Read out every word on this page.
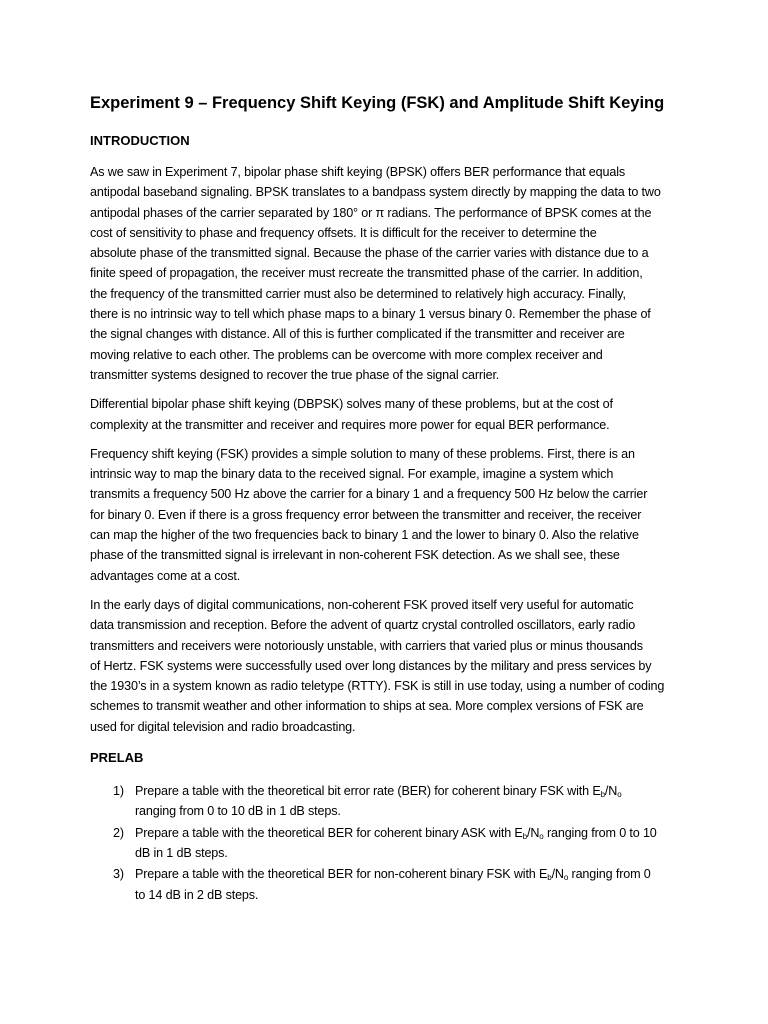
Experiment 9 – Frequency Shift Keying (FSK) and Amplitude Shift Keying
INTRODUCTION
As we saw in Experiment 7, bipolar phase shift keying (BPSK) offers BER performance that equals
antipodal baseband signaling. BPSK translates to a bandpass system directly by mapping the data to two
antipodal phases of the carrier separated by 180° or π radians. The performance of BPSK comes at the
cost of sensitivity to phase and frequency offsets. It is difficult for the receiver to determine the
absolute phase of the transmitted signal. Because the phase of the carrier varies with distance due to a
finite speed of propagation, the receiver must recreate the transmitted phase of the carrier. In addition,
the frequency of the transmitted carrier must also be determined to relatively high accuracy. Finally,
there is no intrinsic way to tell which phase maps to a binary 1 versus binary 0. Remember the phase of
the signal changes with distance. All of this is further complicated if the transmitter and receiver are
moving relative to each other. The problems can be overcome with more complex receiver and
transmitter systems designed to recover the true phase of the signal carrier.
Differential bipolar phase shift keying (DBPSK) solves many of these problems, but at the cost of
complexity at the transmitter and receiver and requires more power for equal BER performance.
Frequency shift keying (FSK) provides a simple solution to many of these problems. First, there is an
intrinsic way to map the binary data to the received signal. For example, imagine a system which
transmits a frequency 500 Hz above the carrier for a binary 1 and a frequency 500 Hz below the carrier
for binary 0. Even if there is a gross frequency error between the transmitter and receiver, the receiver
can map the higher of the two frequencies back to binary 1 and the lower to binary 0. Also the relative
phase of the transmitted signal is irrelevant in non-coherent FSK detection. As we shall see, these
advantages come at a cost.
In the early days of digital communications, non-coherent FSK proved itself very useful for automatic
data transmission and reception. Before the advent of quartz crystal controlled oscillators, early radio
transmitters and receivers were notoriously unstable, with carriers that varied plus or minus thousands
of Hertz. FSK systems were successfully used over long distances by the military and press services by
the 1930’s in a system known as radio teletype (RTTY). FSK is still in use today, using a number of coding
schemes to transmit weather and other information to ships at sea. More complex versions of FSK are
used for digital television and radio broadcasting.
PRELAB
1) Prepare a table with the theoretical bit error rate (BER) for coherent binary FSK with $E_b/N_o$
ranging from 0 to 10 dB in 1 dB steps.
2) Prepare a table with the theoretical BER for coherent binary ASK with $E_b/N_o$ ranging from 0 to 10
dB in 1 dB steps.
3) Prepare a table with the theoretical BER for non-coherent binary FSK with $E_b/N_o$ ranging from 0
to 14 dB in 2 dB steps.
